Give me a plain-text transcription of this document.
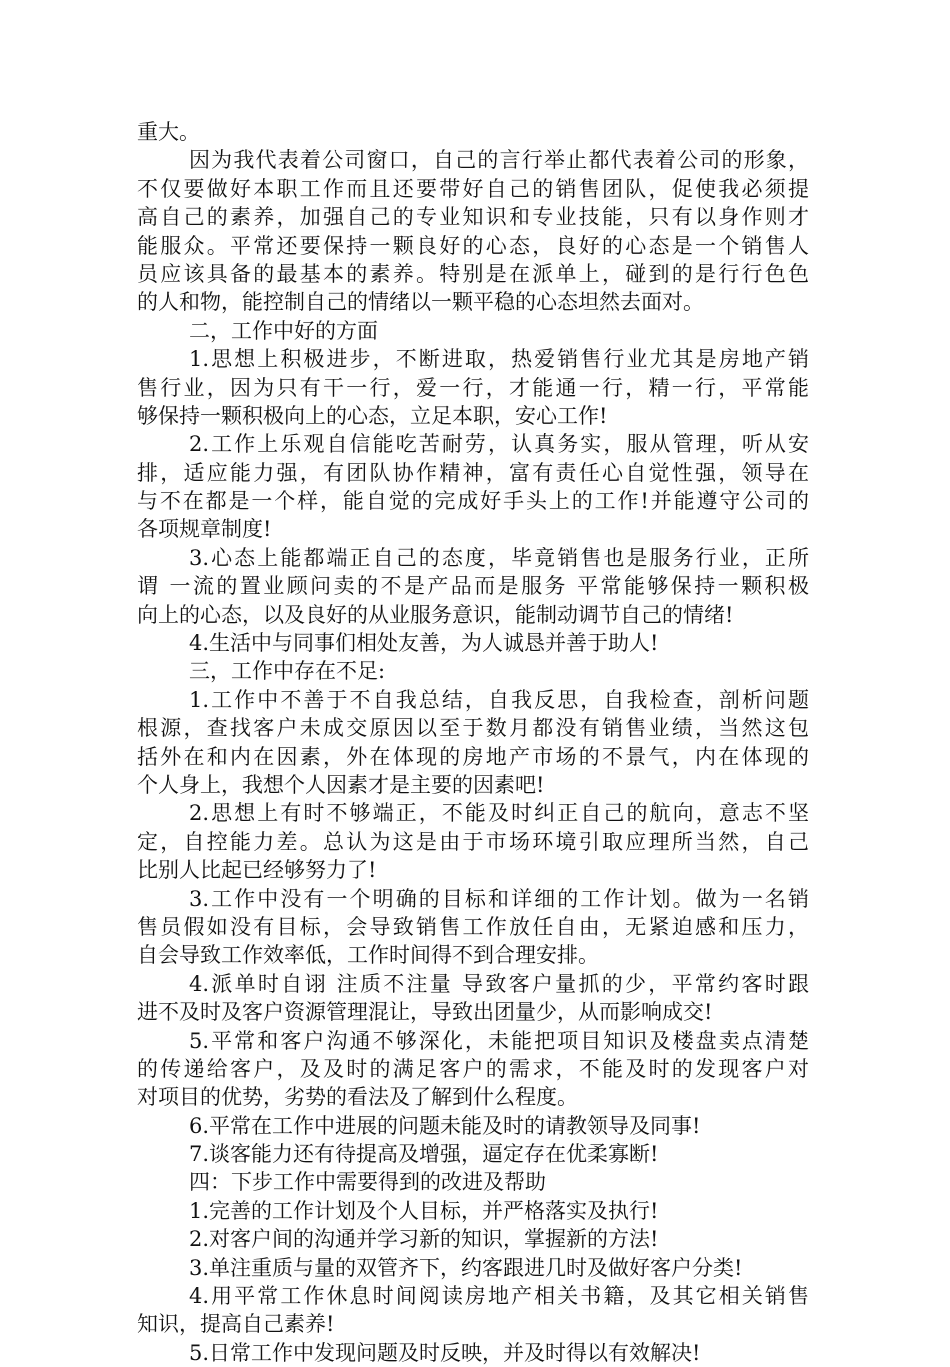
重大。
因为我代表着公司窗口，自己的言行举止都代表着公司的形象，
不仅要做好本职工作而且还要带好自己的销售团队，促使我必须提
高自己的素养，加强自己的专业知识和专业技能，只有以身作则才
能服众。平常还要保持一颗良好的心态，良好的心态是一个销售人
员应该具备的最基本的素养。特别是在派单上，碰到的是行行色色
的人和物，能控制自己的情绪以一颗平稳的心态坦然去面对。
二，工作中好的方面
1.思想上积极进步，不断进取，热爱销售行业尤其是房地产销
售行业，因为只有干一行，爱一行，才能通一行，精一行，平常能
够保持一颗积极向上的心态，立足本职，安心工作!
2.工作上乐观自信能吃苦耐劳，认真务实，服从管理，听从安
排，适应能力强，有团队协作精神，富有责任心自觉性强，领导在
与不在都是一个样，能自觉的完成好手头上的工作!并能遵守公司的
各项规章制度!
3.心态上能都端正自己的态度，毕竟销售也是服务行业，正所
谓 一流的置业顾问卖的不是产品而是服务 平常能够保持一颗积极
向上的心态，以及良好的从业服务意识，能制动调节自己的情绪!
4.生活中与同事们相处友善，为人诚恳并善于助人!
三，工作中存在不足:
1.工作中不善于不自我总结，自我反思，自我检查，剖析问题
根源，查找客户未成交原因以至于数月都没有销售业绩，当然这包
括外在和内在因素，外在体现的房地产市场的不景气，内在体现的
个人身上，我想个人因素才是主要的因素吧!
2.思想上有时不够端正，不能及时纠正自己的航向，意志不坚
定，自控能力差。总认为这是由于市场环境引取应理所当然，自己
比别人比起已经够努力了!
3.工作中没有一个明确的目标和详细的工作计划。做为一名销
售员假如没有目标，会导致销售工作放任自由，无紧迫感和压力，
自会导致工作效率低，工作时间得不到合理安排。
4.派单时自诩 注质不注量 导致客户量抓的少，平常约客时跟
进不及时及客户资源管理混让，导致出团量少，从而影响成交!
5.平常和客户沟通不够深化，未能把项目知识及楼盘卖点清楚
的传递给客户，及及时的满足客户的需求，不能及时的发现客户对
对项目的优势，劣势的看法及了解到什么程度。
6.平常在工作中进展的问题未能及时的请教领导及同事!
7.谈客能力还有待提高及增强，逼定存在优柔寡断!
四：下步工作中需要得到的改进及帮助
1.完善的工作计划及个人目标，并严格落实及执行!
2.对客户间的沟通并学习新的知识，掌握新的方法!
3.单注重质与量的双管齐下，约客跟进几时及做好客户分类!
4.用平常工作休息时间阅读房地产相关书籍，及其它相关销售
知识，提高自己素养!
5.日常工作中发现问题及时反映，并及时得以有效解决!
